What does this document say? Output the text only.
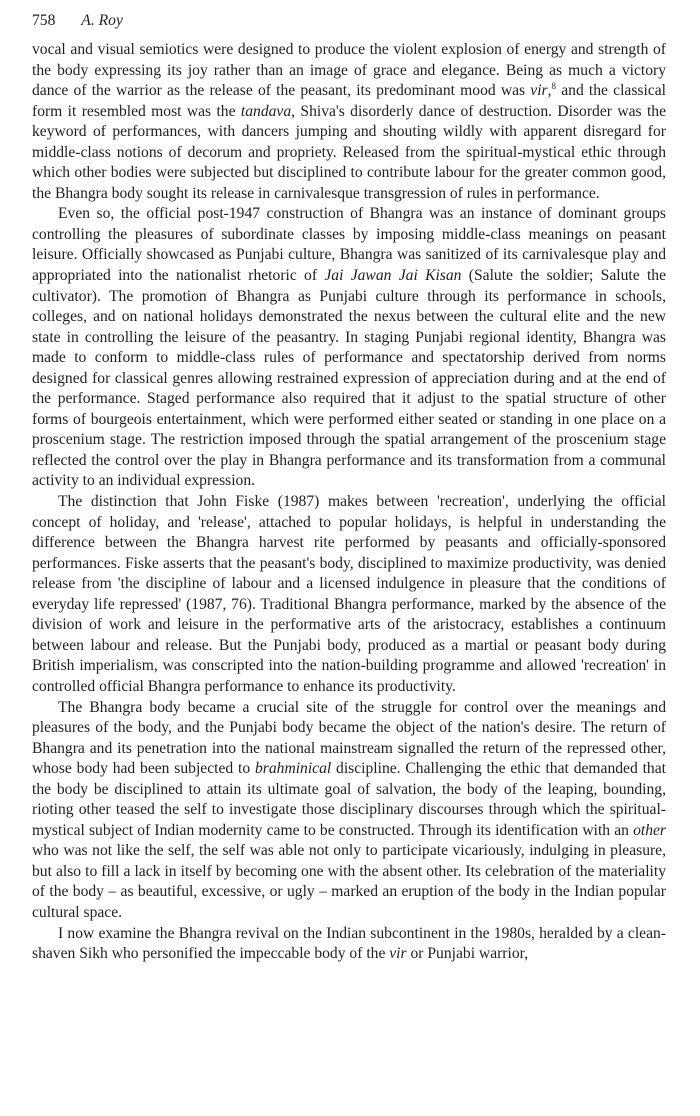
758 A. Roy

vocal and visual semiotics were designed to produce the violent explosion of energy and strength of the body expressing its joy rather than an image of grace and elegance. Being as much a victory dance of the warrior as the release of the peasant, its predominant mood was vir,$^8$ and the classical form it resembled most was the tandava, Shiva's disorderly dance of destruction. Disorder was the keyword of performances, with dancers jumping and shouting wildly with apparent disregard for middle-class notions of decorum and propriety. Released from the spiritual-mystical ethic through which other bodies were subjected but disciplined to contribute labour for the greater common good, the Bhangra body sought its release in carnivalesque transgression of rules in performance.

Even so, the official post-1947 construction of Bhangra was an instance of dominant groups controlling the pleasures of subordinate classes by imposing middle-class meanings on peasant leisure. Officially showcased as Punjabi culture, Bhangra was sanitized of its carnivalesque play and appropriated into the nationalist rhetoric of Jai Jawan Jai Kisan (Salute the soldier; Salute the cultivator). The promotion of Bhangra as Punjabi culture through its performance in schools, colleges, and on national holidays demonstrated the nexus between the cultural elite and the new state in controlling the leisure of the peasantry. In staging Punjabi regional identity, Bhangra was made to conform to middle-class rules of performance and spectatorship derived from norms designed for classical genres allowing restrained expression of appreciation during and at the end of the performance. Staged performance also required that it adjust to the spatial structure of other forms of bourgeois entertainment, which were performed either seated or standing in one place on a proscenium stage. The restriction imposed through the spatial arrangement of the proscenium stage reflected the control over the play in Bhangra performance and its transformation from a communal activity to an individual expression.

The distinction that John Fiske (1987) makes between 'recreation', underlying the official concept of holiday, and 'release', attached to popular holidays, is helpful in understanding the difference between the Bhangra harvest rite performed by peasants and officially-sponsored performances. Fiske asserts that the peasant's body, disciplined to maximize productivity, was denied release from 'the discipline of labour and a licensed indulgence in pleasure that the conditions of everyday life repressed' (1987, 76). Traditional Bhangra performance, marked by the absence of the division of work and leisure in the performative arts of the aristocracy, establishes a continuum between labour and release. But the Punjabi body, produced as a martial or peasant body during British imperialism, was conscripted into the nation-building programme and allowed 'recreation' in controlled official Bhangra performance to enhance its productivity.

The Bhangra body became a crucial site of the struggle for control over the meanings and pleasures of the body, and the Punjabi body became the object of the nation's desire. The return of Bhangra and its penetration into the national mainstream signalled the return of the repressed other, whose body had been subjected to brahminical discipline. Challenging the ethic that demanded that the body be disciplined to attain its ultimate goal of salvation, the body of the leaping, bounding, rioting other teased the self to investigate those disciplinary discourses through which the spiritual-mystical subject of Indian modernity came to be constructed. Through its identification with an other who was not like the self, the self was able not only to participate vicariously, indulging in pleasure, but also to fill a lack in itself by becoming one with the absent other. Its celebration of the materiality of the body – as beautiful, excessive, or ugly – marked an eruption of the body in the Indian popular cultural space.

I now examine the Bhangra revival on the Indian subcontinent in the 1980s, heralded by a clean-shaven Sikh who personified the impeccable body of the vir or Punjabi warrior,
